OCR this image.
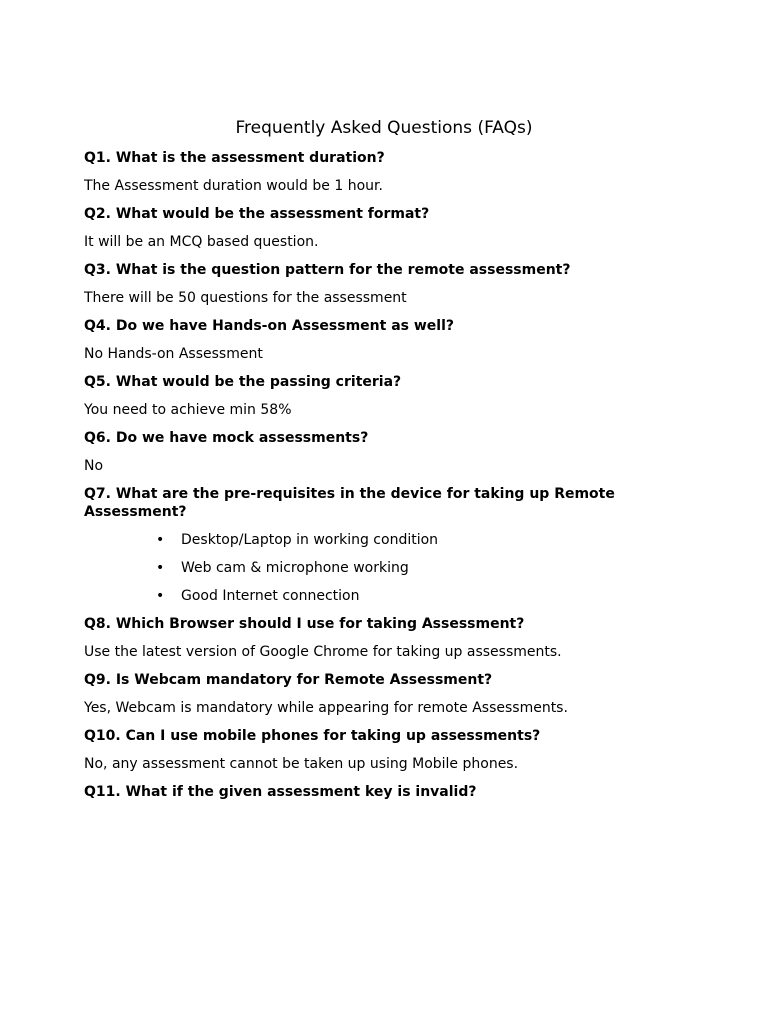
Frequently Asked Questions (FAQs)

Q1. What is the assessment duration?

The Assessment duration would be 1 hour.

Q2. What would be the assessment format?

It will be an MCQ based question.

Q3. What is the question pattern for the remote assessment?

There will be 50 questions for the assessment

Q4. Do we have Hands-on Assessment as well?

No Hands-on Assessment

Q5. What would be the passing criteria?

You need to achieve min 58%

Q6. Do we have mock assessments?

No

Q7. What are the pre-requisites in the device for taking up Remote Assessment?

• Desktop/Laptop in working condition
• Web cam & microphone working
• Good Internet connection

Q8. Which Browser should I use for taking Assessment?

Use the latest version of Google Chrome for taking up assessments.

Q9. Is Webcam mandatory for Remote Assessment?

Yes, Webcam is mandatory while appearing for remote Assessments.

Q10. Can I use mobile phones for taking up assessments?

No, any assessment cannot be taken up using Mobile phones.

Q11. What if the given assessment key is invalid?
